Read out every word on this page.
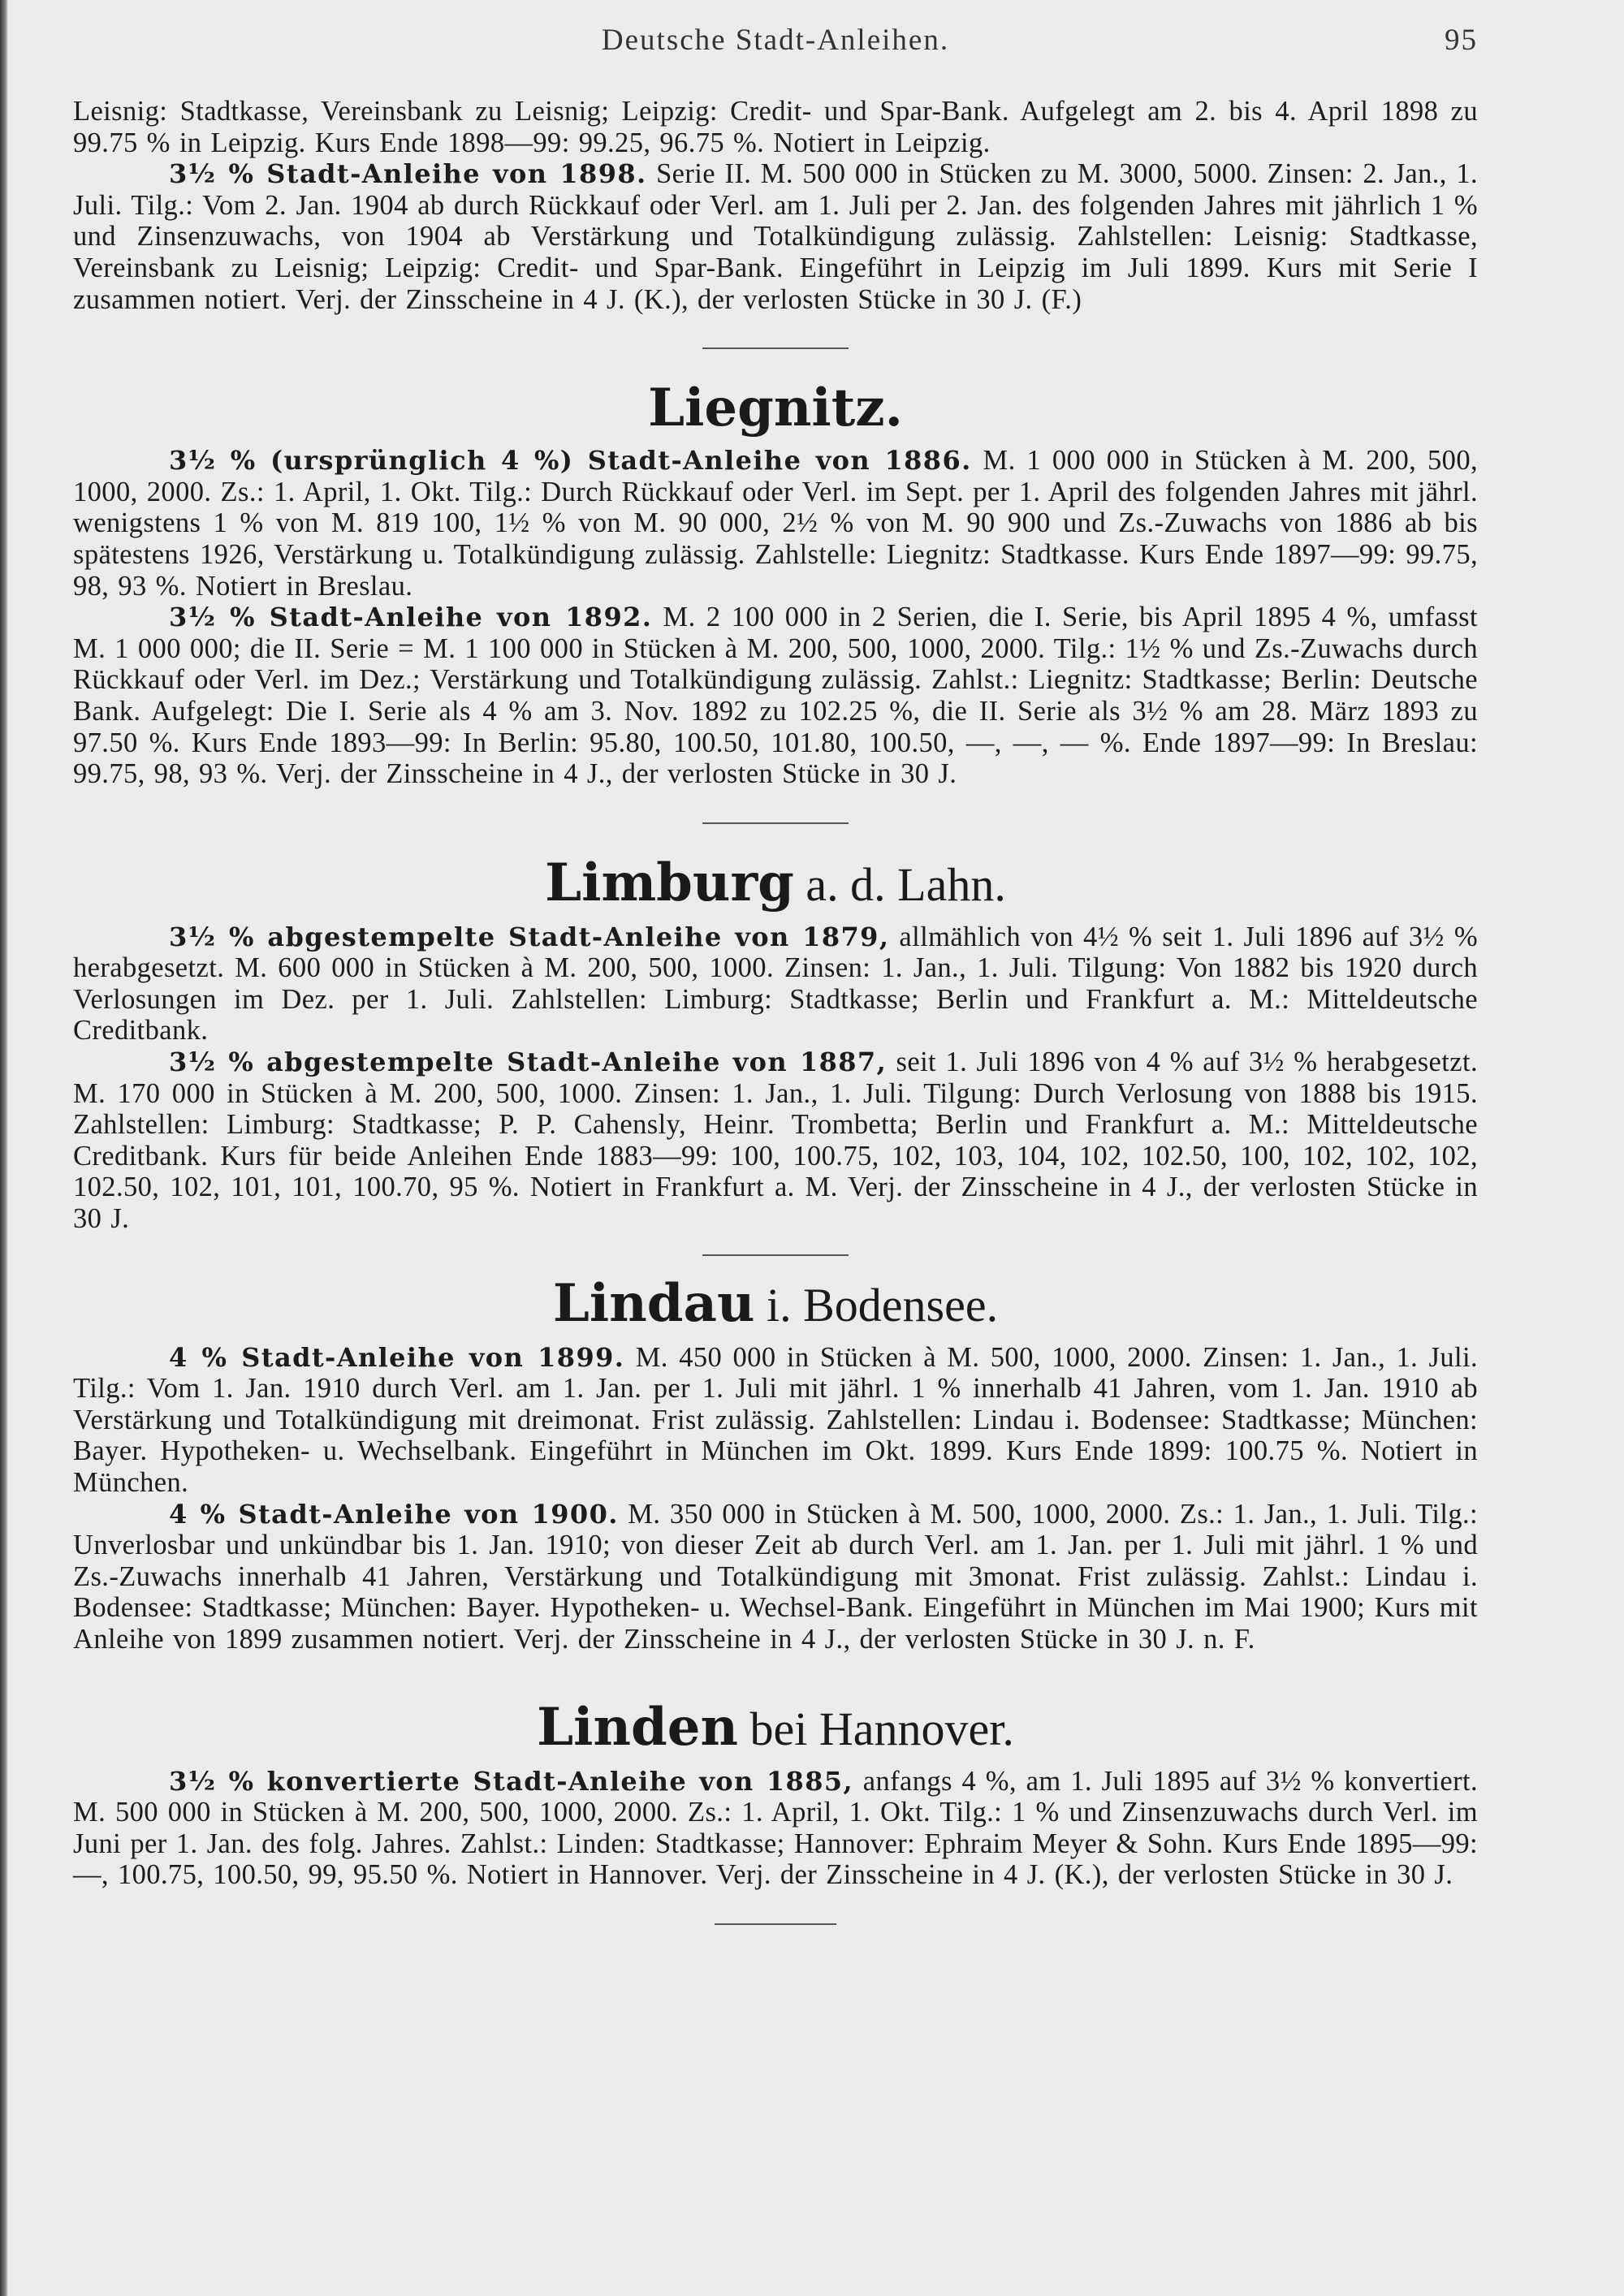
Deutsche Stadt-Anleihen.	95

Leisnig: Stadtkasse, Vereinsbank zu Leisnig; Leipzig: Credit- und Spar-Bank. Aufgelegt am 2. bis 4. April 1898 zu 99.75 % in Leipzig. Kurs Ende 1898—99: 99.25, 96.75 %. Notiert in Leipzig.

3½ % Stadt-Anleihe von 1898. Serie II. M. 500 000 in Stücken zu M. 3000, 5000. Zinsen: 2. Jan., 1. Juli. Tilg.: Vom 2. Jan. 1904 ab durch Rückkauf oder Verl. am 1. Juli per 2. Jan. des folgenden Jahres mit jährlich 1 % und Zinsenzuwachs, von 1904 ab Verstärkung und Totalkündigung zulässig. Zahlstellen: Leisnig: Stadtkasse, Vereinsbank zu Leisnig; Leipzig: Credit- und Spar-Bank. Eingeführt in Leipzig im Juli 1899. Kurs mit Serie I zusammen notiert. Verj. der Zinsscheine in 4 J. (K.), der verlosten Stücke in 30 J. (F.)

Liegnitz.

3½ % (ursprünglich 4 %) Stadt-Anleihe von 1886. M. 1 000 000 in Stücken à M. 200, 500, 1000, 2000. Zs.: 1. April, 1. Okt. Tilg.: Durch Rückkauf oder Verl. im Sept. per 1. April des folgenden Jahres mit jährl. wenigstens 1 % von M. 819 100, 1½ % von M. 90 000, 2½ % von M. 90 900 und Zs.-Zuwachs von 1886 ab bis spätestens 1926, Verstärkung u. Totalkündigung zulässig. Zahlstelle: Liegnitz: Stadtkasse. Kurs Ende 1897—99: 99.75, 98, 93 %. Notiert in Breslau.

3½ % Stadt-Anleihe von 1892. M. 2 100 000 in 2 Serien, die I. Serie, bis April 1895 4 %, umfasst M. 1 000 000; die II. Serie = M. 1 100 000 in Stücken à M. 200, 500, 1000, 2000. Tilg.: 1½ % und Zs.-Zuwachs durch Rückkauf oder Verl. im Dez.; Verstärkung und Totalkündigung zulässig. Zahlst.: Liegnitz: Stadtkasse; Berlin: Deutsche Bank. Aufgelegt: Die I. Serie als 4 % am 3. Nov. 1892 zu 102.25 %, die II. Serie als 3½ % am 28. März 1893 zu 97.50 %. Kurs Ende 1893—99: In Berlin: 95.80, 100.50, 101.80, 100.50, —, —, — %. Ende 1897—99: In Breslau: 99.75, 98, 93 %. Verj. der Zinsscheine in 4 J., der verlosten Stücke in 30 J.

Limburg a. d. Lahn.

3½ % abgestempelte Stadt-Anleihe von 1879, allmählich von 4½ % seit 1. Juli 1896 auf 3½ % herabgesetzt. M. 600 000 in Stücken à M. 200, 500, 1000. Zinsen: 1. Jan., 1. Juli. Tilgung: Von 1882 bis 1920 durch Verlosungen im Dez. per 1. Juli. Zahlstellen: Limburg: Stadtkasse; Berlin und Frankfurt a. M.: Mitteldeutsche Creditbank.

3½ % abgestempelte Stadt-Anleihe von 1887, seit 1. Juli 1896 von 4 % auf 3½ % herabgesetzt. M. 170 000 in Stücken à M. 200, 500, 1000. Zinsen: 1. Jan., 1. Juli. Tilgung: Durch Verlosung von 1888 bis 1915. Zahlstellen: Limburg: Stadtkasse; P. P. Cahensly, Heinr. Trombetta; Berlin und Frankfurt a. M.: Mitteldeutsche Creditbank. Kurs für beide Anleihen Ende 1883—99: 100, 100.75, 102, 103, 104, 102, 102.50, 100, 102, 102, 102, 102.50, 102, 101, 101, 100.70, 95 %. Notiert in Frankfurt a. M. Verj. der Zinsscheine in 4 J., der verlosten Stücke in 30 J.

Lindau i. Bodensee.

4 % Stadt-Anleihe von 1899. M. 450 000 in Stücken à M. 500, 1000, 2000. Zinsen: 1. Jan., 1. Juli. Tilg.: Vom 1. Jan. 1910 durch Verl. am 1. Jan. per 1. Juli mit jährl. 1 % innerhalb 41 Jahren, vom 1. Jan. 1910 ab Verstärkung und Totalkündigung mit dreimonat. Frist zulässig. Zahlstellen: Lindau i. Bodensee: Stadtkasse; München: Bayer. Hypotheken- u. Wechselbank. Eingeführt in München im Okt. 1899. Kurs Ende 1899: 100.75 %. Notiert in München.

4 % Stadt-Anleihe von 1900. M. 350 000 in Stücken à M. 500, 1000, 2000. Zs.: 1. Jan., 1. Juli. Tilg.: Unverlosbar und unkündbar bis 1. Jan. 1910; von dieser Zeit ab durch Verl. am 1. Jan. per 1. Juli mit jährl. 1 % und Zs.-Zuwachs innerhalb 41 Jahren, Verstärkung und Totalkündigung mit 3monat. Frist zulässig. Zahlst.: Lindau i. Bodensee: Stadtkasse; München: Bayer. Hypotheken- u. Wechsel-Bank. Eingeführt in München im Mai 1900; Kurs mit Anleihe von 1899 zusammen notiert. Verj. der Zinsscheine in 4 J., der verlosten Stücke in 30 J. n. F.

Linden bei Hannover.

3½ % konvertierte Stadt-Anleihe von 1885, anfangs 4 %, am 1. Juli 1895 auf 3½ % konvertiert. M. 500 000 in Stücken à M. 200, 500, 1000, 2000. Zs.: 1. April, 1. Okt. Tilg.: 1 % und Zinsenzuwachs durch Verl. im Juni per 1. Jan. des folg. Jahres. Zahlst.: Linden: Stadtkasse; Hannover: Ephraim Meyer & Sohn. Kurs Ende 1895—99: —, 100.75, 100.50, 99, 95.50 %. Notiert in Hannover. Verj. der Zinsscheine in 4 J. (K.), der verlosten Stücke in 30 J.
